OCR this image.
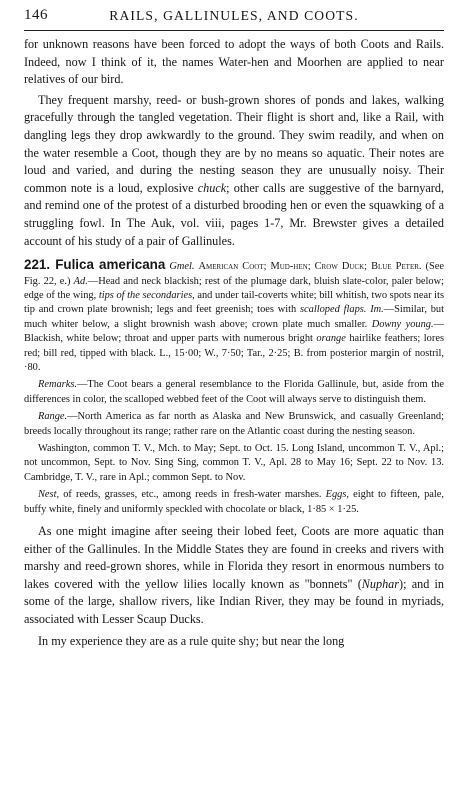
146	RAILS, GALLINULES, AND COOTS.

for unknown reasons have been forced to adopt the ways of both Coots and Rails. Indeed, now I think of it, the names Water-hen and Moorhen are applied to near relatives of our bird.

They frequent marshy, reed- or bush-grown shores of ponds and lakes, walking gracefully through the tangled vegetation. Their flight is short and, like a Rail, with dangling legs they drop awkwardly to the ground. They swim readily, and when on the water resemble a Coot, though they are by no means so aquatic. Their notes are loud and varied, and during the nesting season they are unusually noisy. Their common note is a loud, explosive chuck; other calls are suggestive of the barnyard, and remind one of the protest of a disturbed brooding hen or even the squawking of a struggling fowl. In The Auk, vol. viii, pages 1-7, Mr. Brewster gives a detailed account of his study of a pair of Gallinules.

221. Fulica americana Gmel. American Coot; Mud-hen; Crow Duck; Blue Peter. (See Fig. 22, e.) Ad.—Head and neck blackish; rest of the plumage dark, bluish slate-color, paler below; edge of the wing, tips of the secondaries, and under tail-coverts white; bill whitish, two spots near its tip and crown plate brownish; legs and feet greenish; toes with scalloped flaps. Im.—Similar, but much whiter below, a slight brownish wash above; crown plate much smaller. Downy young.—Blackish, white below; throat and upper parts with numerous bright orange hairlike feathers; lores red; bill red, tipped with black. L., 15·00; W., 7·50; Tar., 2·25; B. from posterior margin of nostril, ·80.

Remarks.—The Coot bears a general resemblance to the Florida Gallinule, but, aside from the differences in color, the scalloped webbed feet of the Coot will always serve to distinguish them.

Range.—North America as far north as Alaska and New Brunswick, and casually Greenland; breeds locally throughout its range; rather rare on the Atlantic coast during the nesting season.

Washington, common T. V., Mch. to May; Sept. to Oct. 15. Long Island, uncommon T. V., Apl.; not uncommon, Sept. to Nov. Sing Sing, common T. V., Apl. 28 to May 16; Sept. 22 to Nov. 13. Cambridge, T. V., rare in Apl.; common Sept. to Nov.

Nest, of reeds, grasses, etc., among reeds in fresh-water marshes. Eggs, eight to fifteen, pale, buffy white, finely and uniformly speckled with chocolate or black, 1·85 × 1·25.

As one might imagine after seeing their lobed feet, Coots are more aquatic than either of the Gallinules. In the Middle States they are found in creeks and rivers with marshy and reed-grown shores, while in Florida they resort in enormous numbers to lakes covered with the yellow lilies locally known as "bonnets" (Nuphar); and in some of the large, shallow rivers, like Indian River, they may be found in myriads, associated with Lesser Scaup Ducks.

In my experience they are as a rule quite shy; but near the long
